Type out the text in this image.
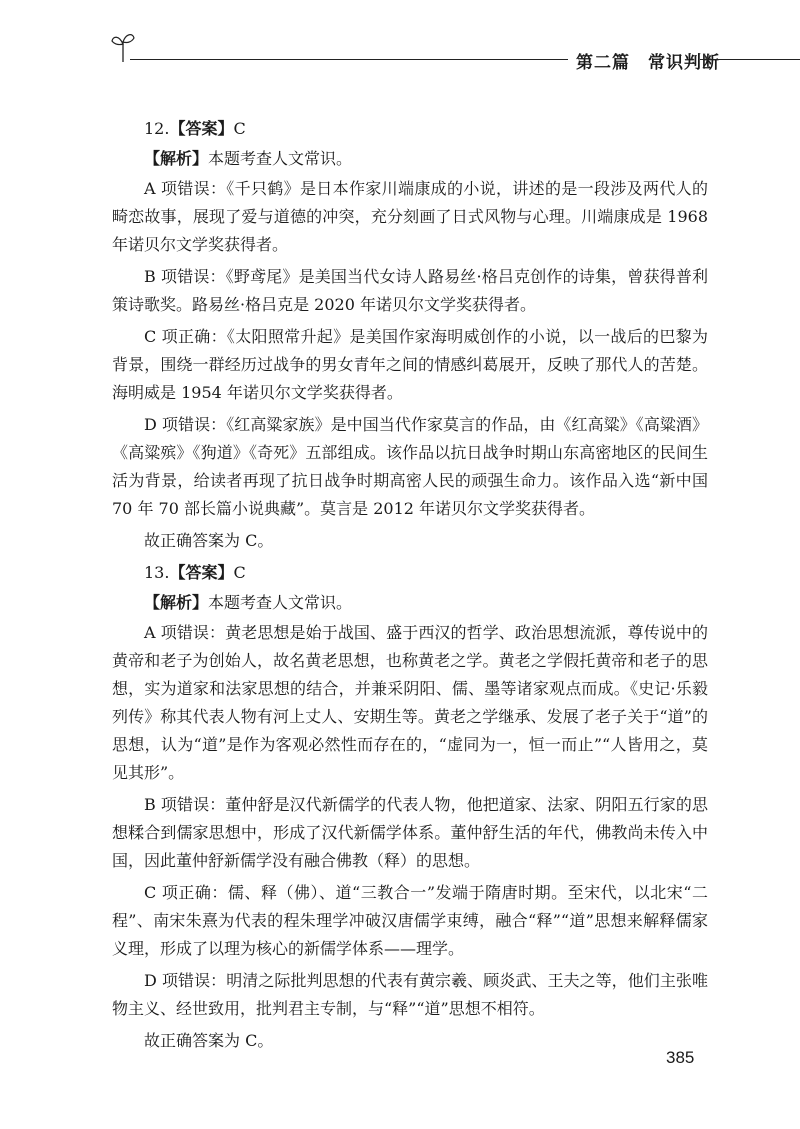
第二篇　常识判断

12.【答案】C

【解析】本题考查人文常识。

A 项错误：《千只鹤》是日本作家川端康成的小说，讲述的是一段涉及两代人的畸恋故事，展现了爱与道德的冲突，充分刻画了日式风物与心理。川端康成是 1968 年诺贝尔文学奖获得者。

B 项错误：《野鸢尾》是美国当代女诗人路易丝·格吕克创作的诗集，曾获得普利策诗歌奖。路易丝·格吕克是 2020 年诺贝尔文学奖获得者。

C 项正确：《太阳照常升起》是美国作家海明威创作的小说，以一战后的巴黎为背景，围绕一群经历过战争的男女青年之间的情感纠葛展开，反映了那代人的苦楚。海明威是 1954 年诺贝尔文学奖获得者。

D 项错误：《红高粱家族》是中国当代作家莫言的作品，由《红高粱》《高粱酒》《高粱殡》《狗道》《奇死》五部组成。该作品以抗日战争时期山东高密地区的民间生活为背景，给读者再现了抗日战争时期高密人民的顽强生命力。该作品入选“新中国 70 年 70 部长篇小说典藏”。莫言是 2012 年诺贝尔文学奖获得者。

故正确答案为 C。

13.【答案】C

【解析】本题考查人文常识。

A 项错误：黄老思想是始于战国、盛于西汉的哲学、政治思想流派，尊传说中的黄帝和老子为创始人，故名黄老思想，也称黄老之学。黄老之学假托黄帝和老子的思想，实为道家和法家思想的结合，并兼采阴阳、儒、墨等诸家观点而成。《史记·乐毅列传》称其代表人物有河上丈人、安期生等。黄老之学继承、发展了老子关于“道”的思想，认为“道”是作为客观必然性而存在的，“虚同为一，恒一而止”“人皆用之，莫见其形”。

B 项错误：董仲舒是汉代新儒学的代表人物，他把道家、法家、阴阳五行家的思想糅合到儒家思想中，形成了汉代新儒学体系。董仲舒生活的年代，佛教尚未传入中国，因此董仲舒新儒学没有融合佛教（释）的思想。

C 项正确：儒、释（佛）、道“三教合一”发端于隋唐时期。至宋代，以北宋“二程”、南宋朱熹为代表的程朱理学冲破汉唐儒学束缚，融合“释”“道”思想来解释儒家义理，形成了以理为核心的新儒学体系——理学。

D 项错误：明清之际批判思想的代表有黄宗羲、顾炎武、王夫之等，他们主张唯物主义、经世致用，批判君主专制，与“释”“道”思想不相符。

故正确答案为 C。

385
